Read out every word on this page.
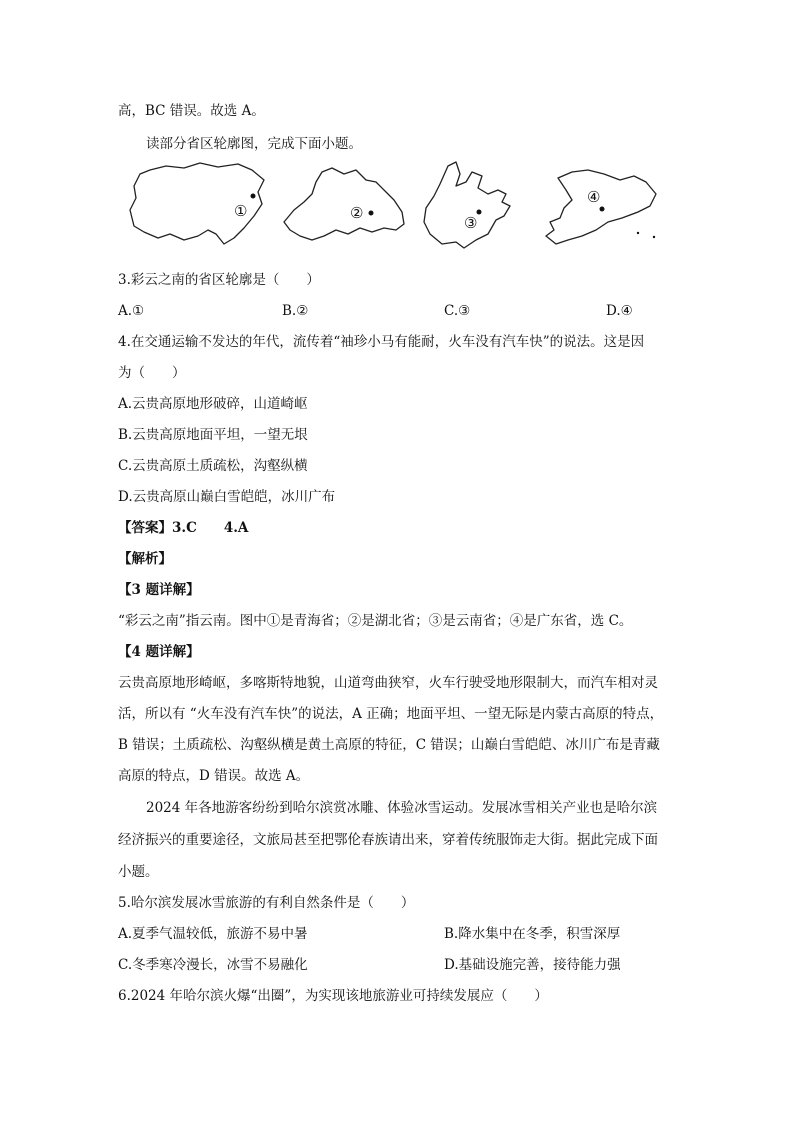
高，BC 错误。故选 A。
读部分省区轮廓图，完成下面小题。
①	②
③
④
3.彩云之南的省区轮廓是（　　）
A.①	B.②	C.③	D.④
4.在交通运输不发达的年代，流传着“袖珍小马有能耐，火车没有汽车快”的说法。这是因
为（　　）
A.云贵高原地形破碎，山道崎岖
B.云贵高原地面平坦，一望无垠
C.云贵高原土质疏松，沟壑纵横
D.云贵高原山巅白雪皑皑，冰川广布
【答案】3.C　　4.A
【解析】
【3 题详解】
“彩云之南”指云南。图中①是青海省；②是湖北省；③是云南省；④是广东省，选 C。
【4 题详解】
云贵高原地形崎岖，多喀斯特地貌，山道弯曲狭窄，火车行驶受地形限制大，而汽车相对灵
活，所以有 “火车没有汽车快”的说法，A 正确；地面平坦、一望无际是内蒙古高原的特点，
B 错误；土质疏松、沟壑纵横是黄土高原的特征，C 错误；山巅白雪皑皑、冰川广布是青藏
高原的特点，D 错误。故选 A。
2024 年各地游客纷纷到哈尔滨赏冰雕、体验冰雪运动。发展冰雪相关产业也是哈尔滨
经济振兴的重要途径，文旅局甚至把鄂伦春族请出来，穿着传统服饰走大街。据此完成下面
小题。
5.哈尔滨发展冰雪旅游的有利自然条件是（　　）
A.夏季气温较低，旅游不易中暑	B.降水集中在冬季，积雪深厚
C.冬季寒冷漫长，冰雪不易融化	D.基础设施完善，接待能力强
6.2024 年哈尔滨火爆“出圈”，为实现该地旅游业可持续发展应（　　）
